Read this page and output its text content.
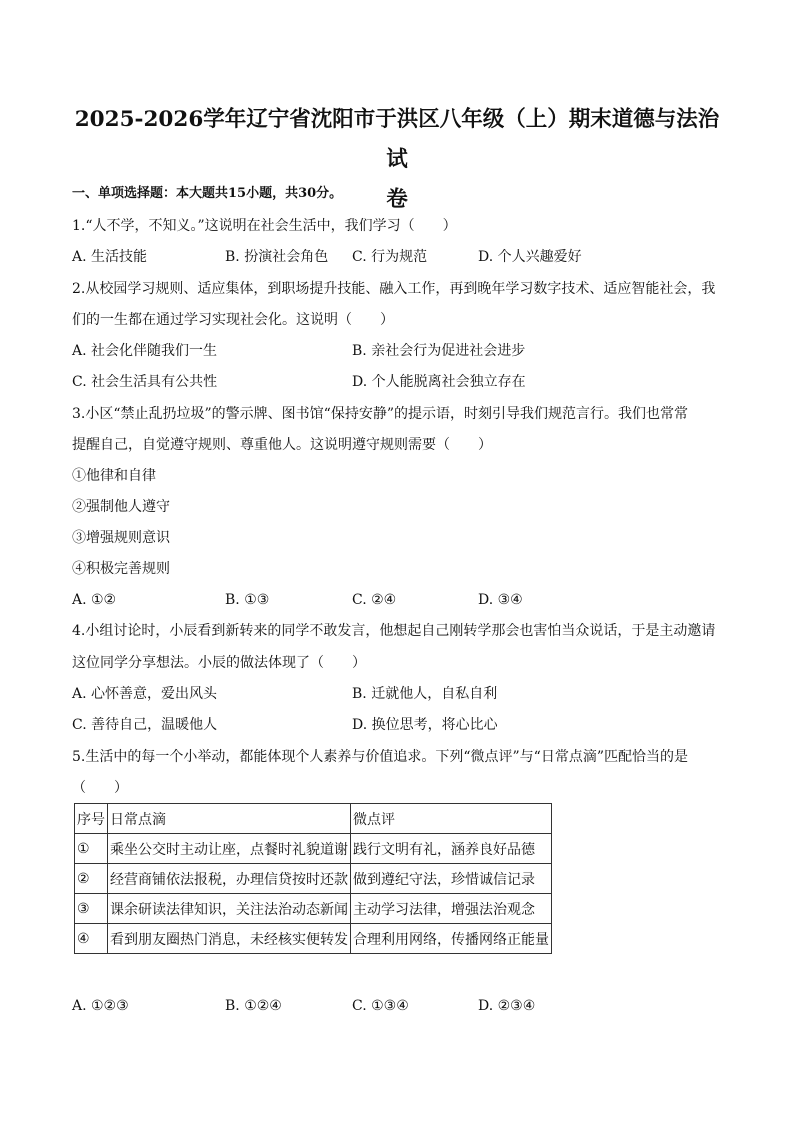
2025-2026学年辽宁省沈阳市于洪区八年级（上）期末道德与法治试
卷

一、单项选择题：本大题共15小题，共30分。

1.“人不学，不知义。”这说明在社会生活中，我们学习（　　）

A. 生活技能	B. 扮演社会角色 C. 行为规范	D. 个人兴趣爱好

2.从校园学习规则、适应集体，到职场提升技能、融入工作，再到晚年学习数字技术、适应智能社会，我

们的一生都在通过学习实现社会化。这说明（　　）

A. 社会化伴随我们一生	B. 亲社会行为促进社会进步
C. 社会生活具有公共性	D. 个人能脱离社会独立存在

3.小区“禁止乱扔垃圾”的警示牌、图书馆“保持安静”的提示语，时刻引导我们规范言行。我们也常常

提醒自己，自觉遵守规则、尊重他人。这说明遵守规则需要（　　）

①他律和自律

②强制他人遵守

③增强规则意识

④积极完善规则

A. ①②	B. ①③	C. ②④	D. ③④

4.小组讨论时，小辰看到新转来的同学不敢发言，他想起自己刚转学那会也害怕当众说话，于是主动邀请

这位同学分享想法。小辰的做法体现了（　　）

A. 心怀善意，爱出风头	B. 迁就他人，自私自利
C. 善待自己，温暖他人	D. 换位思考，将心比心

5.生活中的每一个小举动，都能体现个人素养与价值追求。下列“微点评”与“日常点滴”匹配恰当的是

（　　）

序号	日常点滴	微点评
①	乘坐公交时主动让座，点餐时礼貌道谢	践行文明有礼，涵养良好品德
②	经营商铺依法报税，办理信贷按时还款	做到遵纪守法，珍惜诚信记录
③	课余研读法律知识，关注法治动态新闻	主动学习法律，增强法治观念
④	看到朋友圈热门消息，未经核实便转发	合理利用网络，传播网络正能量
A. ①②③	B. ①②④	C. ①③④	D. ②③④
